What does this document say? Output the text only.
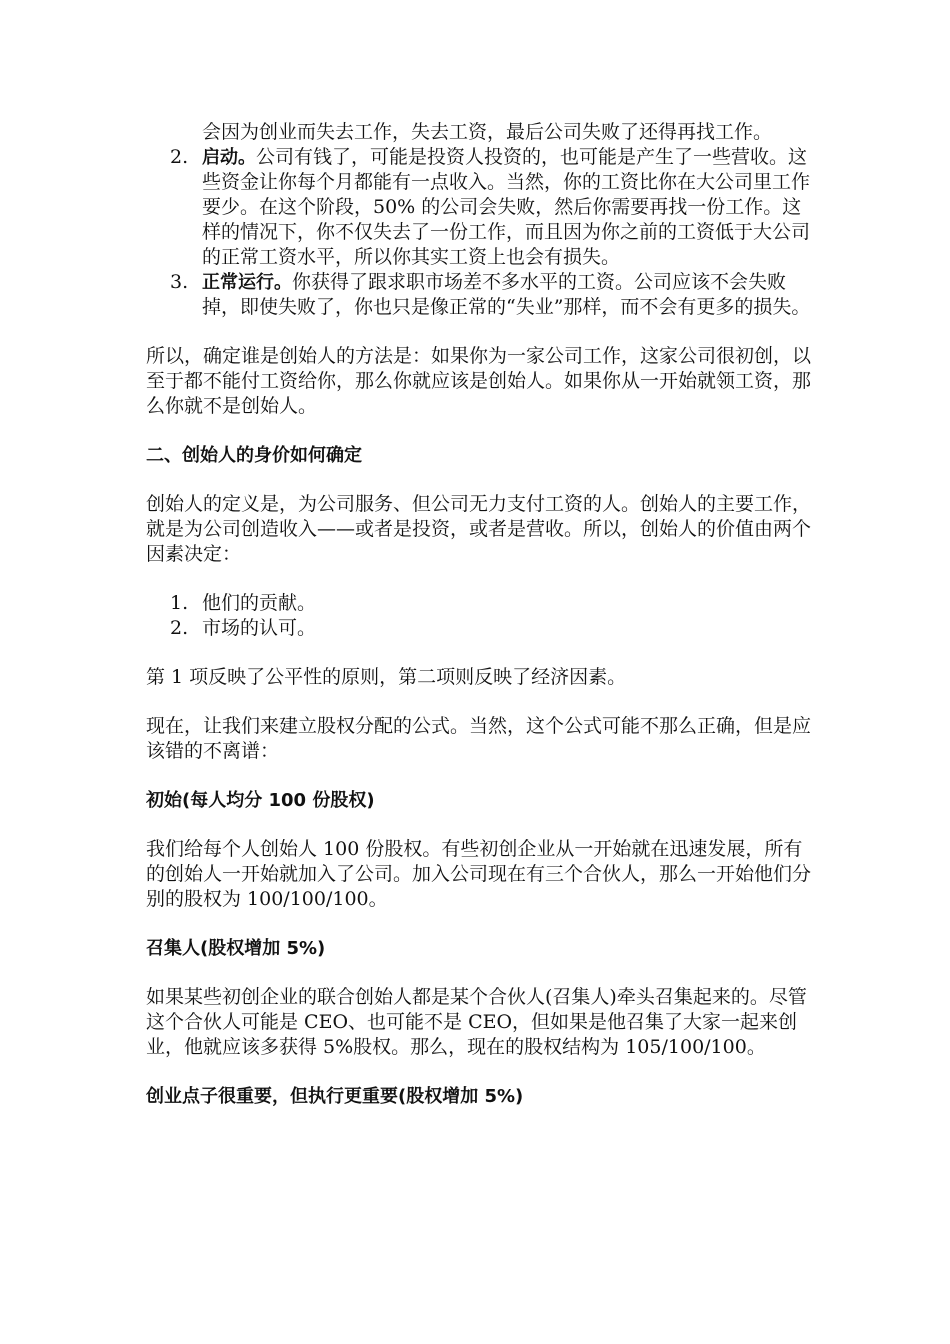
会因为创业而失去工作，失去工资，最后公司失败了还得再找工作。
2. 启动。公司有钱了，可能是投资人投资的，也可能是产生了一些营收。这些资金让你每个月都能有一点收入。当然，你的工资比你在大公司里工作要少。在这个阶段，50% 的公司会失败，然后你需要再找一份工作。这样的情况下，你不仅失去了一份工作，而且因为你之前的工资低于大公司的正常工资水平，所以你其实工资上也会有损失。
3. 正常运行。你获得了跟求职市场差不多水平的工资。公司应该不会失败掉，即使失败了，你也只是像正常的“失业”那样，而不会有更多的损失。

所以，确定谁是创始人的方法是：如果你为一家公司工作，这家公司很初创，以至于都不能付工资给你，那么你就应该是创始人。如果你从一开始就领工资，那么你就不是创始人。

二、创始人的身价如何确定

创始人的定义是，为公司服务、但公司无力支付工资的人。创始人的主要工作，就是为公司创造收入——或者是投资，或者是营收。所以，创始人的价值由两个因素决定：

1. 他们的贡献。
2. 市场的认可。

第 1 项反映了公平性的原则，第二项则反映了经济因素。

现在，让我们来建立股权分配的公式。当然，这个公式可能不那么正确，但是应该错的不离谱：

初始(每人均分 100 份股权)

我们给每个人创始人 100 份股权。有些初创企业从一开始就在迅速发展，所有的创始人一开始就加入了公司。加入公司现在有三个合伙人，那么一开始他们分别的股权为 100/100/100。

召集人(股权增加 5%)

如果某些初创企业的联合创始人都是某个合伙人(召集人)牵头召集起来的。尽管这个合伙人可能是 CEO、也可能不是 CEO，但如果是他召集了大家一起来创业，他就应该多获得 5%股权。那么，现在的股权结构为 105/100/100。

创业点子很重要，但执行更重要(股权增加 5%)
